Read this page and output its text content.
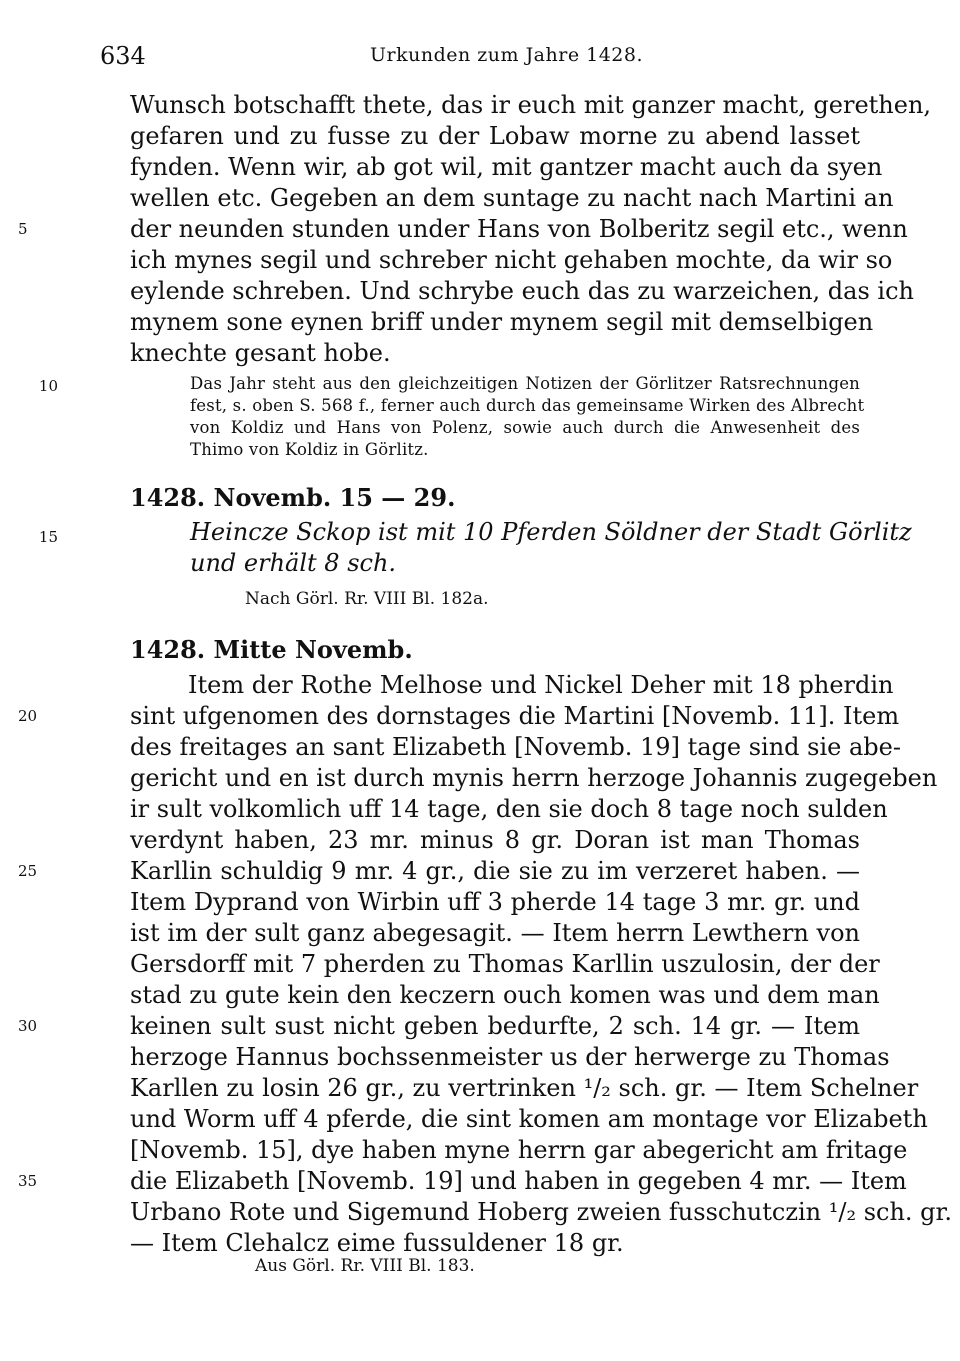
634	Urkunden zum Jahre 1428.
Wunsch botschafft thete, das ir euch mit ganzer macht, gerethen,
gefaren und zu fusse zu der Lobaw morne zu abend lasset
fynden. Wenn wir, ab got wil, mit gantzer macht auch da syen
wellen etc. Gegeben an dem suntage zu nacht nach Martini an
5	der neunden stunden under Hans von Bolberitz segil etc., wenn
ich mynes segil und schreber nicht gehaben mochte, da wir so
eylende schreben. Und schrybe euch das zu warzeichen, das ich
mynem sone eynen briff under mynem segil mit demselbigen
knechte gesant hobe.
10	Das Jahr steht aus den gleichzeitigen Notizen der Görlitzer Ratsrechnungen
fest, s. oben S. 568 f., ferner auch durch das gemeinsame Wirken des Albrecht
von Koldiz und Hans von Polenz, sowie auch durch die Anwesenheit des
Thimo von Koldiz in Görlitz.
1428. Novemb. 15 — 29.
15	Heincze Sckop ist mit 10 Pferden Söldner der Stadt Görlitz
und erhält 8 sch.
Nach Görl. Rr. VIII Bl. 182a.
1428. Mitte Novemb.
Item der Rothe Melhose und Nickel Deher mit 18 pherdin
20	sint ufgenomen des dornstages die Martini [Novemb. 11]. Item
des freitages an sant Elizabeth [Novemb. 19] tage sind sie abe-
gericht und en ist durch mynis herrn herzoge Johannis zugegeben
ir sult volkomlich uff 14 tage, den sie doch 8 tage noch sulden
verdynt haben, 23 mr. minus 8 gr. Doran ist man Thomas
25	Karllin schuldig 9 mr. 4 gr., die sie zu im verzeret haben. —
Item Dyprand von Wirbin uff 3 pherde 14 tage 3 mr. gr. und
ist im der sult ganz abegesagit. — Item herrn Lewthern von
Gersdorff mit 7 pherden zu Thomas Karllin uszulosin, der der
stad zu gute kein den keczern ouch komen was und dem man
30	keinen sult sust nicht geben bedurfte, 2 sch. 14 gr. — Item
herzoge Hannus bochssenmeister us der herwerge zu Thomas
Karllen zu losin 26 gr., zu vertrinken ¹/₂ sch. gr. — Item Schelner
und Worm uff 4 pferde, die sint komen am montage vor Elizabeth
[Novemb. 15], dye haben myne herrn gar abegericht am fritage
35	die Elizabeth [Novemb. 19] und haben in gegeben 4 mr. — Item
Urbano Rote und Sigemund Hoberg zweien fusschutczin ¹/₂ sch. gr.
— Item Clehalcz eime fussuldener 18 gr.
Aus Görl. Rr. VIII Bl. 183.
